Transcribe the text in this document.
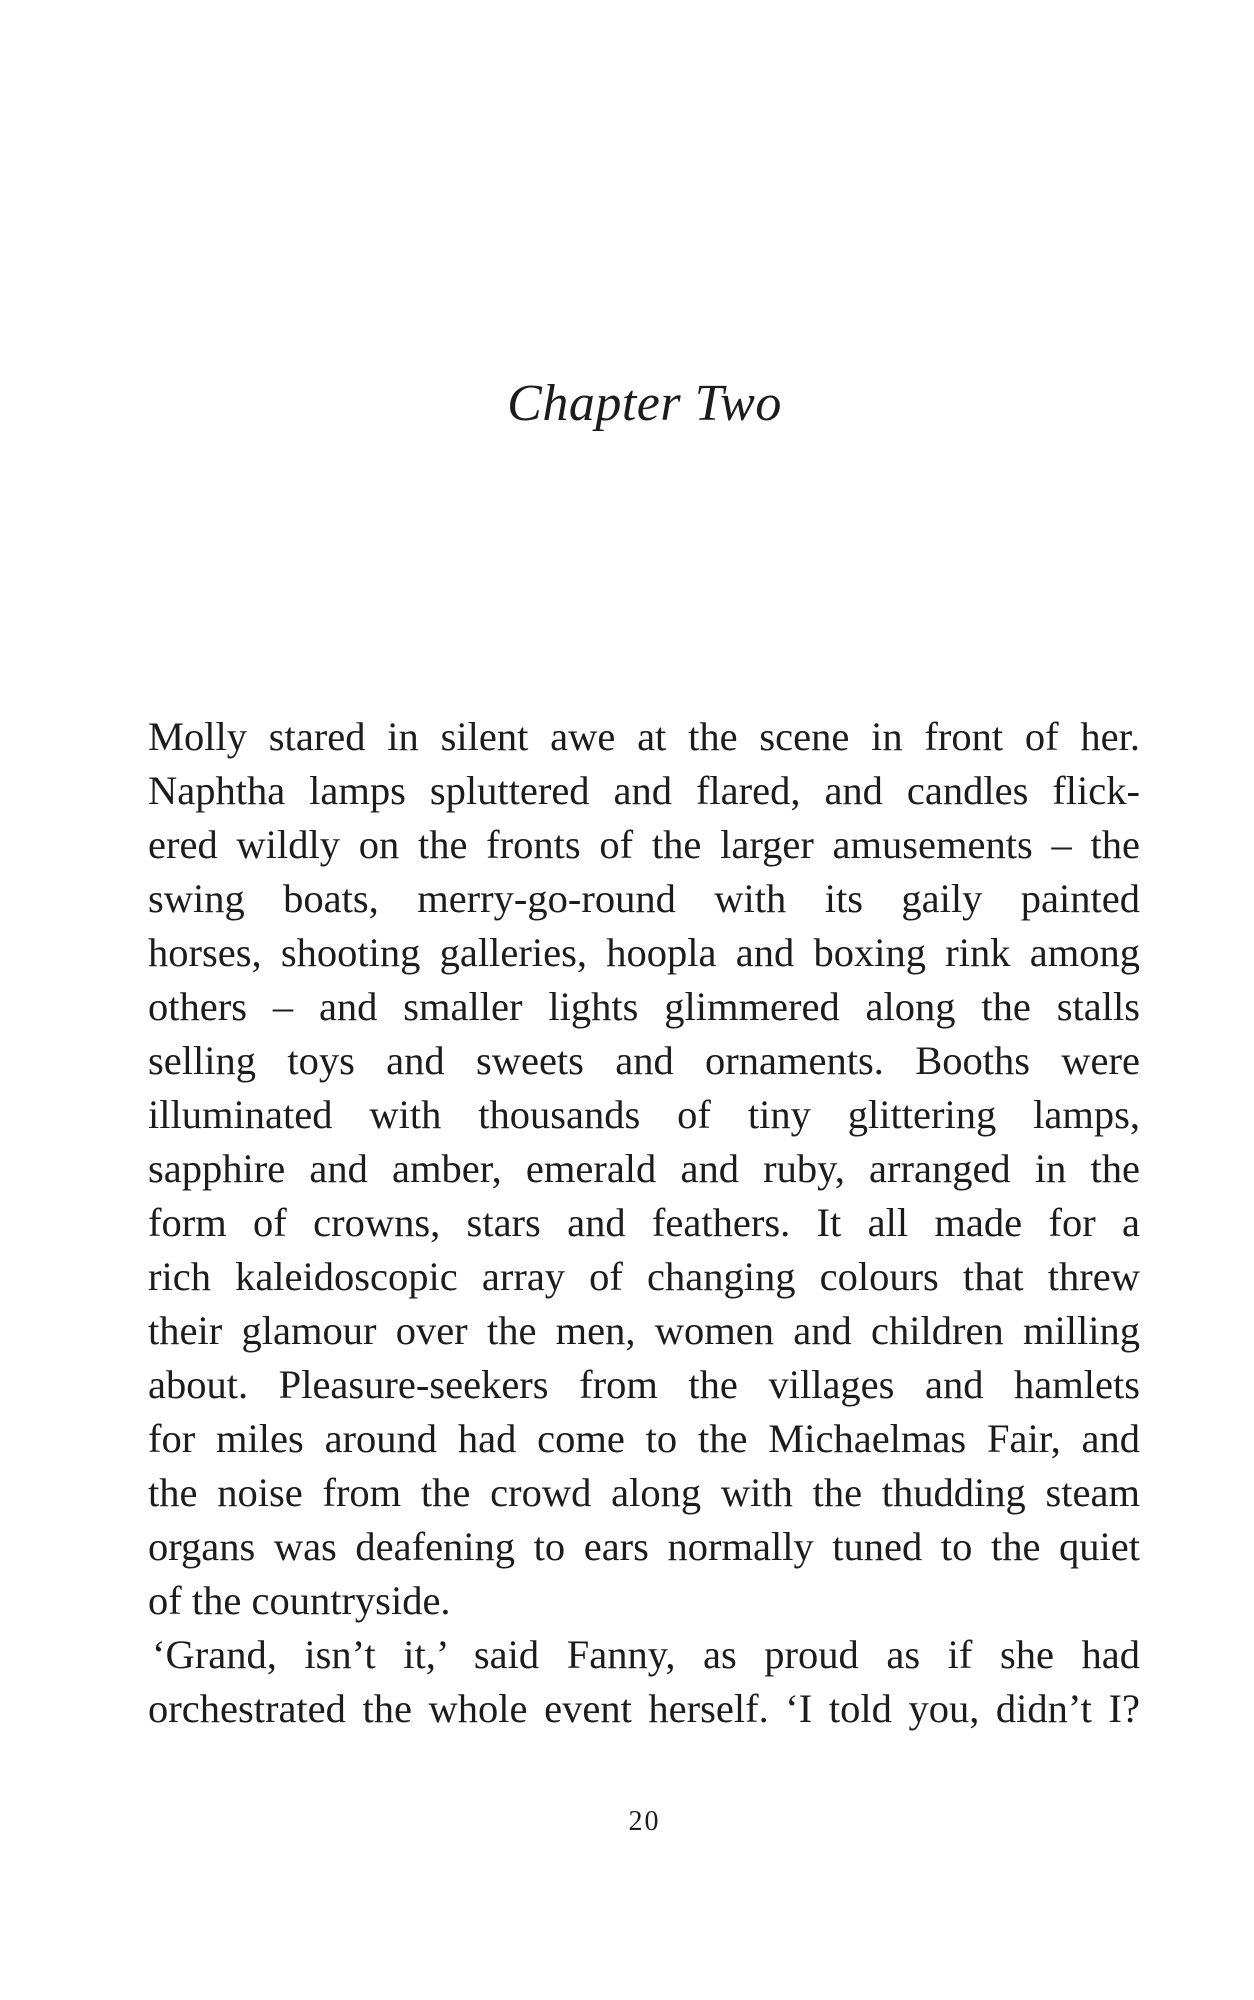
Chapter Two
Molly stared in silent awe at the scene in front of her.
Naphtha lamps spluttered and flared, and candles flick-
ered wildly on the fronts of the larger amusements – the
swing boats, merry-go-round with its gaily painted
horses, shooting galleries, hoopla and boxing rink among
others – and smaller lights glimmered along the stalls
selling toys and sweets and ornaments. Booths were
illuminated with thousands of tiny glittering lamps,
sapphire and amber, emerald and ruby, arranged in the
form of crowns, stars and feathers. It all made for a
rich kaleidoscopic array of changing colours that threw
their glamour over the men, women and children milling
about. Pleasure-seekers from the villages and hamlets
for miles around had come to the Michaelmas Fair, and
the noise from the crowd along with the thudding steam
organs was deafening to ears normally tuned to the quiet
of the countryside.
‘Grand, isn’t it,’ said Fanny, as proud as if she had
orchestrated the whole event herself. ‘I told you, didn’t I?
20
